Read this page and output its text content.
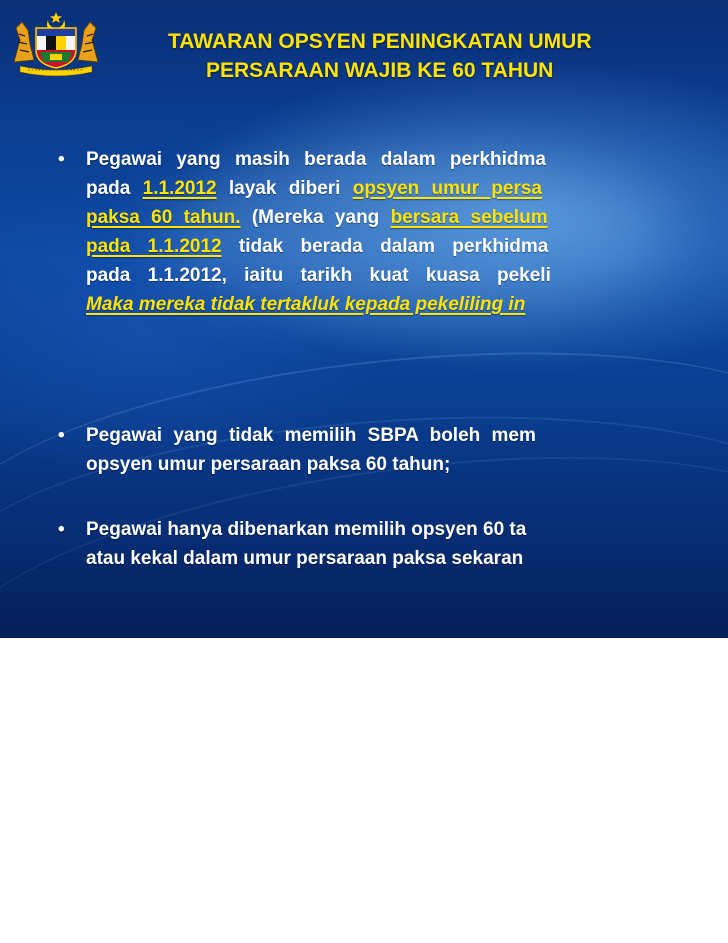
TAWARAN OPSYEN PENINGKATAN UMUR
PERSARAAN WAJIB KE 60 TAHUN
•	Pegawai yang masih berada dalam perkhidma
pada 1.1.2012 layak diberi opsyen umur persa
paksa 60 tahun. (Mereka yang bersara sebelum
pada 1.1.2012 tidak berada dalam perkhidma
pada 1.1.2012, iaitu tarikh kuat kuasa pekeli
Maka mereka tidak tertakluk kepada pekeliling in
•	Pegawai yang tidak memilih SBPA boleh mem
opsyen umur persaraan paksa 60 tahun;
•	Pegawai hanya dibenarkan memilih opsyen 60 ta
atau kekal dalam umur persaraan paksa sekaran
